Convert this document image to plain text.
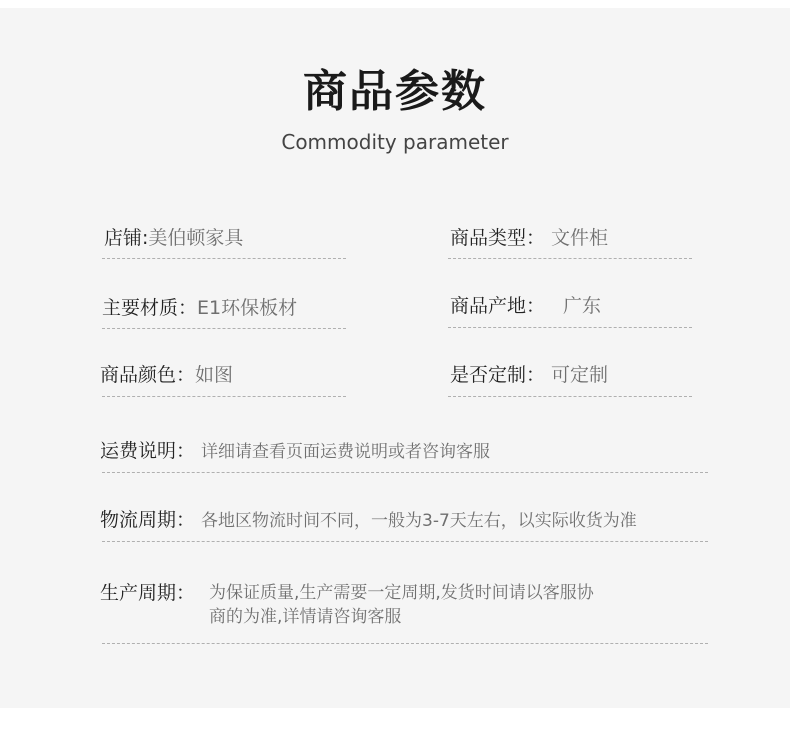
商品参数
Commodity parameter
店铺:美伯顿家具	商品类型： 文件柜
主要材质：E1环保板材	商品产地： 广东
商品颜色：如图	是否定制： 可定制
运费说明： 详细请查看页面运费说明或者咨询客服
物流周期： 各地区物流时间不同，一般为3-7天左右，以实际收货为准
生产周期： 为保证质量,生产需要一定周期,发货时间请以客服协
商的为准,详情请咨询客服
